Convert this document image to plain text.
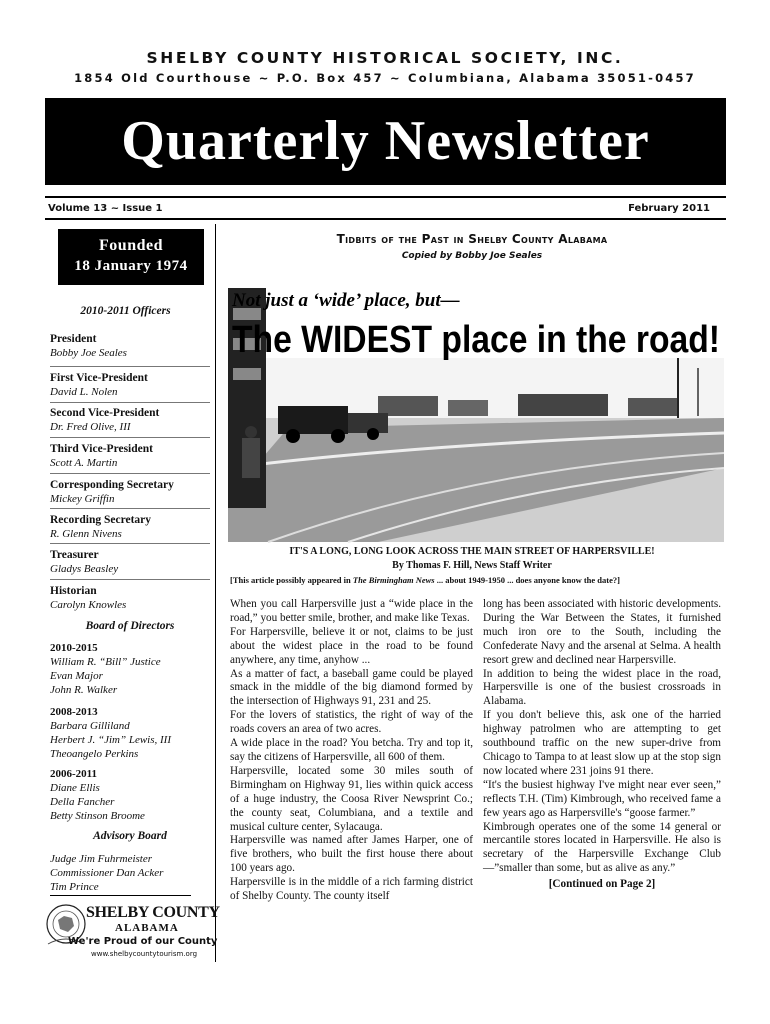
SHELBY COUNTY HISTORICAL SOCIETY, INC.
1854 Old Courthouse ~ P.O. Box 457 ~ Columbiana, Alabama 35051-0457
Quarterly Newsletter
Volume 13 ~ Issue 1	February 2011
Founded
18 January 1974
2010-2011 Officers
President
Bobby Joe Seales
First Vice-President
David L. Nolen
Second Vice-President
Dr. Fred Olive, III
Third Vice-President
Scott A. Martin
Corresponding Secretary
Mickey Griffin
Recording Secretary
R. Glenn Nivens
Treasurer
Gladys Beasley
Historian
Carolyn Knowles
Board of Directors
2010-2015
William R. “Bill” Justice
Evan Major
John R. Walker
2008-2013
Barbara Gilliland
Herbert J. “Jim” Lewis, III
Theoangelo Perkins
2006-2011
Diane Ellis
Della Fancher
Betty Stinson Broome
Advisory Board
Judge Jim Fuhrmeister
Commissioner Dan Acker
Tim Prince
SHELBY COUNTY
ALABAMA
We're Proud of our County
www.shelbycountytourism.org
Tidbits of the Past in Shelby County Alabama
Copied by Bobby Joe Seales
Not just a ‘wide’ place, but—
The WIDEST place in the road!
IT'S A LONG, LONG LOOK ACROSS THE MAIN STREET OF HARPERSVILLE!
By Thomas F. Hill, News Staff Writer
[This article possibly appeared in The Birmingham News ... about 1949-1950 ... does anyone know the date?]

When you call Harpersville just a “wide place in the road,” you better smile, brother, and make like Texas.

For Harpersville, believe it or not, claims to be just about the widest place in the road to be found anywhere, any time, anyhow ...

As a matter of fact, a baseball game could be played smack in the middle of the big diamond formed by the intersection of Highways 91, 231 and 25.

For the lovers of statistics, the right of way of the roads covers an area of two acres.

A wide place in the road? You betcha. Try and top it, say the citizens of Harpersville, all 600 of them.

Harpersville, located some 30 miles south of Birmingham on Highway 91, lies within quick access of a huge industry, the Coosa River Newsprint Co.; the county seat, Columbiana, and a textile and musical culture center, Sylacauga.

Harpersville was named after James Harper, one of five brothers, who built the first house there about 100 years ago.

Harpersville is in the middle of a rich farming district of Shelby County. The county itself

long has been associated with historic developments. During the War Between the States, it furnished much iron ore to the South, including the Confederate Navy and the arsenal at Selma. A health resort grew and declined near Harpersville.

In addition to being the widest place in the road, Harpersville is one of the busiest crossroads in Alabama.

If you don't believe this, ask one of the harried highway patrolmen who are attempting to get southbound traffic on the new super-drive from Chicago to Tampa to at least slow up at the stop sign now located where 231 joins 91 there.

“It's the busiest highway I've might near ever seen,” reflects T.H. (Tim) Kimbrough, who received fame a few years ago as Harpersville's “goose farmer.”

Kimbrough operates one of the some 14 general or mercantile stores located in Harpersville. He also is secretary of the Harpersville Exchange Club—”smaller than some, but as alive as any.”

[Continued on Page 2]
